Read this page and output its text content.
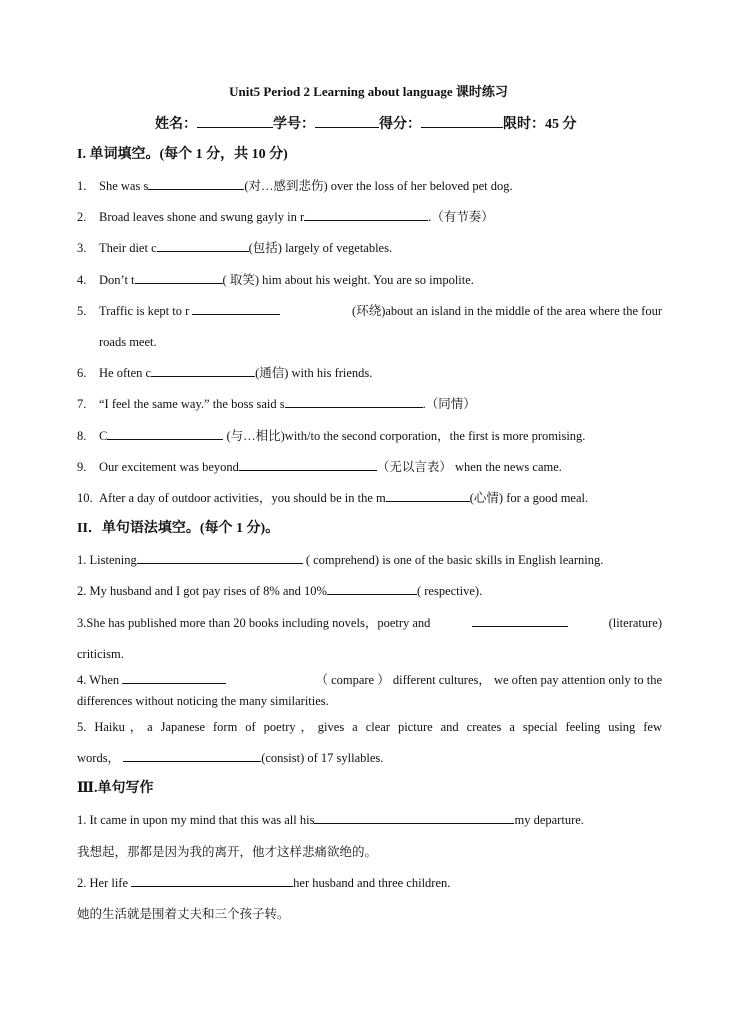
Unit5 Period 2 Learning about language 课时练习
姓名：	学号：	得分：	限时：45 分
I. 单词填空。(每个 1 分，共 10 分)
1. She was s	(对…感到悲伤) over the loss of her beloved pet dog.
2. Broad leaves shone and swung gayly in r	.（有节奏）
3. Their diet c	(包括) largely of vegetables.
4. Don’t t	( 取笑) him about his weight. You are so impolite.
5. Traffic is kept to r	(环绕)about an island in the middle of the area where the four
roads meet.
6. He often c	(通信) with his friends.
7. “I feel the same way.” the boss said s	.（同情）
8. C	(与…相比)with/to the second corporation，the first is more promising.
9. Our excitement was beyond	（无以言表） when the news came.
10. After a day of outdoor activities，you should be in the m	(心情) for a good meal.
II．单句语法填空。(每个 1 分)。
1. Listening	( comprehend) is one of the basic skills in English learning.
2. My husband and I got pay rises of 8% and 10%	( respective).
3.She has published more than 20 books including novels，poetry and	(literature)
criticism.
4. When	（ compare ） different cultures， we often pay attention only to the
differences without noticing the many similarities.
5. Haiku，a Japanese form of poetry，gives a clear picture and creates a special feeling using few
words，	(consist) of 17 syllables.
Ⅲ.单句写作
1. It came in upon my mind that this was all his	my departure.
我想起，那都是因为我的离开，他才这样悲痛欲绝的。
2. Her life	her husband and three children.
她的生活就是围着丈夫和三个孩子转。
